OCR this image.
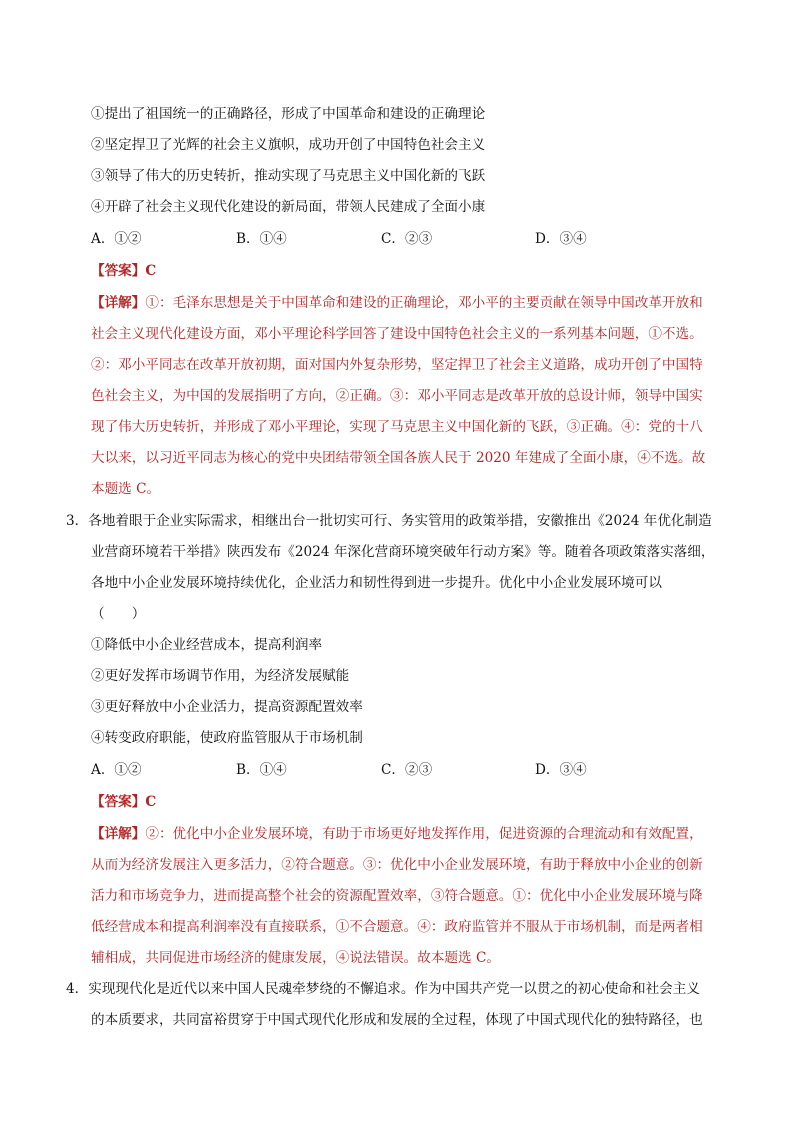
①提出了祖国统一的正确路径，形成了中国革命和建设的正确理论
②坚定捍卫了光辉的社会主义旗帜，成功开创了中国特色社会主义
③领导了伟大的历史转折，推动实现了马克思主义中国化新的飞跃
④开辟了社会主义现代化建设的新局面，带领人民建成了全面小康
A．①②	B．①④	C．②③	D．③④
【答案】C
【详解】①：毛泽东思想是关于中国革命和建设的正确理论，邓小平的主要贡献在领导中国改革开放和
社会主义现代化建设方面，邓小平理论科学回答了建设中国特色社会主义的一系列基本问题，①不选。
②：邓小平同志在改革开放初期，面对国内外复杂形势，坚定捍卫了社会主义道路，成功开创了中国特
色社会主义，为中国的发展指明了方向，②正确。③：邓小平同志是改革开放的总设计师，领导中国实
现了伟大历史转折，并形成了邓小平理论，实现了马克思主义中国化新的飞跃，③正确。④：党的十八
大以来，以习近平同志为核心的党中央团结带领全国各族人民于 2020 年建成了全面小康，④不选。故
本题选 C。
3．各地着眼于企业实际需求，相继出台一批切实可行、务实管用的政策举措，安徽推出《2024 年优化制造
业营商环境若干举措》陕西发布《2024 年深化营商环境突破年行动方案》等。随着各项政策落实落细，
各地中小企业发展环境持续优化，企业活力和韧性得到进一步提升。优化中小企业发展环境可以
（　　）
①降低中小企业经营成本，提高利润率
②更好发挥市场调节作用，为经济发展赋能
③更好释放中小企业活力，提高资源配置效率
④转变政府职能，使政府监管服从于市场机制
A．①②	B．①④	C．②③	D．③④
【答案】C
【详解】②：优化中小企业发展环境，有助于市场更好地发挥作用，促进资源的合理流动和有效配置，
从而为经济发展注入更多活力，②符合题意。③：优化中小企业发展环境，有助于释放中小企业的创新
活力和市场竞争力，进而提高整个社会的资源配置效率，③符合题意。①：优化中小企业发展环境与降
低经营成本和提高利润率没有直接联系，①不合题意。④：政府监管并不服从于市场机制，而是两者相
辅相成，共同促进市场经济的健康发展，④说法错误。故本题选 C。
4．实现现代化是近代以来中国人民魂牵梦绕的不懈追求。作为中国共产党一以贯之的初心使命和社会主义
的本质要求，共同富裕贯穿于中国式现代化形成和发展的全过程，体现了中国式现代化的独特路径，也
